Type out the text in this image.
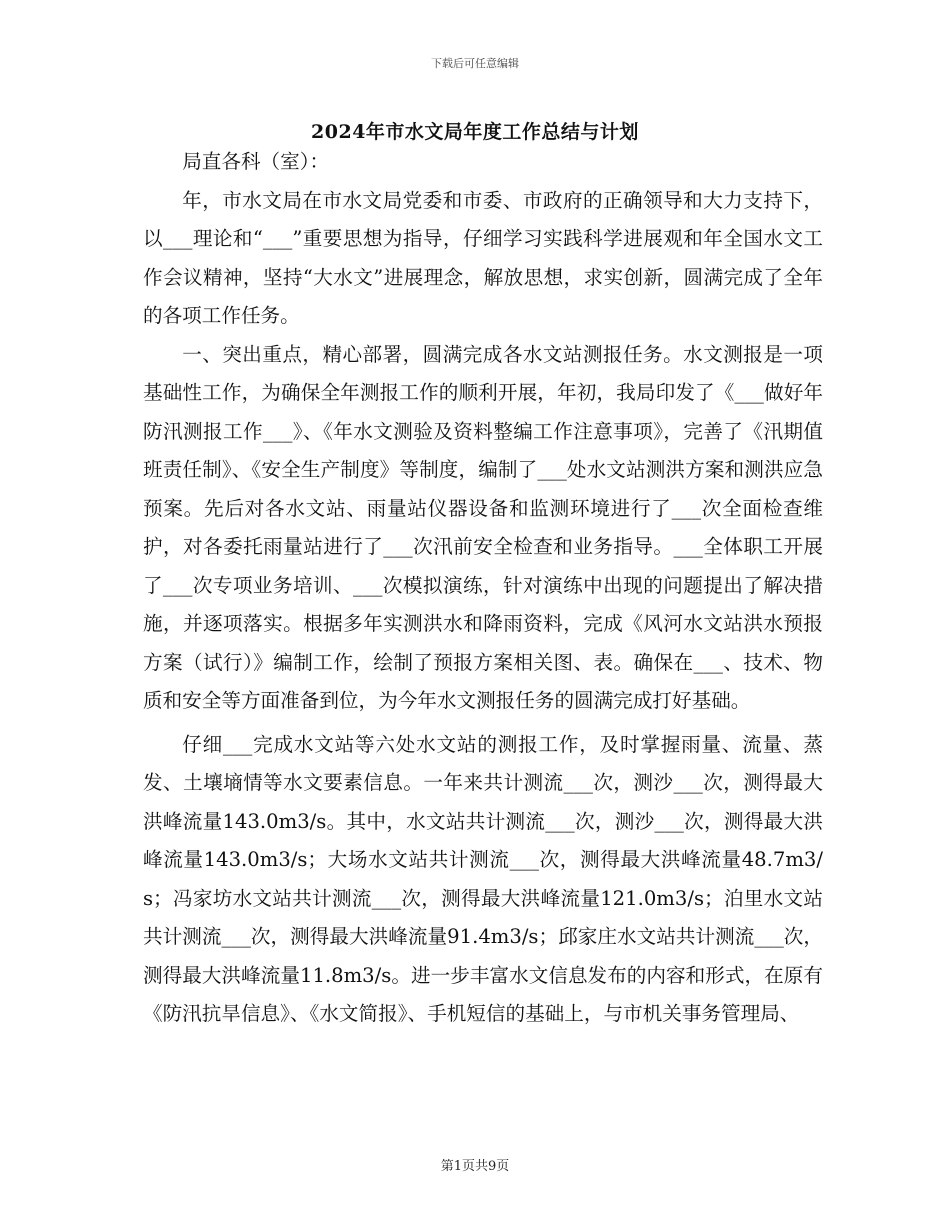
下载后可任意编辑
2024年市水文局年度工作总结与计划

局直各科（室）：

年，市水文局在市水文局党委和市委、市政府的正确领导和大力支持下，以___理论和“___”重要思想为指导，仔细学习实践科学进展观和年全国水文工作会议精神，坚持“大水文”进展理念，解放思想，求实创新，圆满完成了全年的各项工作任务。

一、突出重点，精心部署，圆满完成各水文站测报任务。水文测报是一项基础性工作，为确保全年测报工作的顺利开展，年初，我局印发了《___做好年防汛测报工作___》、《年水文测验及资料整编工作注意事项》，完善了《汛期值班责任制》、《安全生产制度》等制度，编制了___处水文站测洪方案和测洪应急预案。先后对各水文站、雨量站仪器设备和监测环境进行了___次全面检查维护，对各委托雨量站进行了___次汛前安全检查和业务指导。___全体职工开展了___次专项业务培训、___次模拟演练，针对演练中出现的问题提出了解决措施，并逐项落实。根据多年实测洪水和降雨资料，完成《风河水文站洪水预报方案（试行）》编制工作，绘制了预报方案相关图、表。确保在___、技术、物质和安全等方面准备到位，为今年水文测报任务的圆满完成打好基础。

仔细___完成水文站等六处水文站的测报工作，及时掌握雨量、流量、蒸发、土壤墒情等水文要素信息。一年来共计测流___次，测沙___次，测得最大洪峰流量143.0m3/s。其中，水文站共计测流___次，测沙___次，测得最大洪峰流量143.0m3/s；大场水文站共计测流___次，测得最大洪峰流量48.7m3/s；冯家坊水文站共计测流___次，测得最大洪峰流量121.0m3/s；泊里水文站共计测流___次，测得最大洪峰流量91.4m3/s；邱家庄水文站共计测流___次，测得最大洪峰流量11.8m3/s。进一步丰富水文信息发布的内容和形式，在原有《防汛抗旱信息》、《水文简报》、手机短信的基础上，与市机关事务管理局、

第1页共9页
